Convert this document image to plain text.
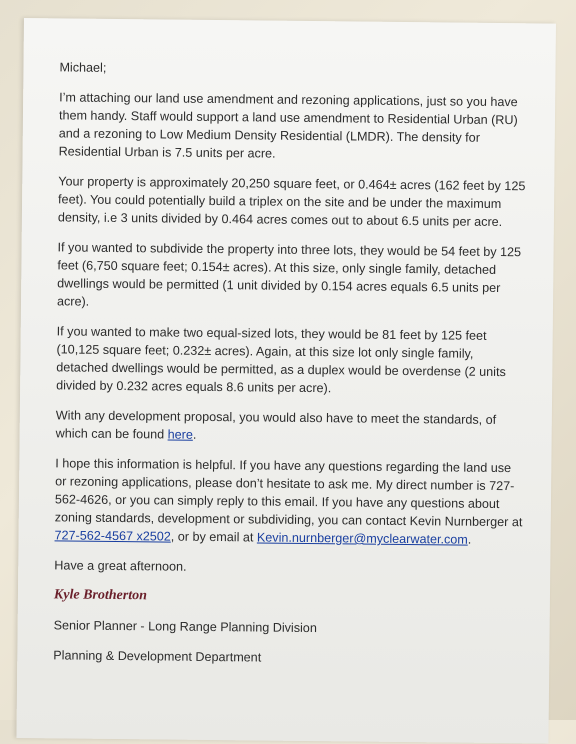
Michael;

I’m attaching our land use amendment and rezoning applications, just so you have them handy. Staff would support a land use amendment to Residential Urban (RU) and a rezoning to Low Medium Density Residential (LMDR). The density for Residential Urban is 7.5 units per acre.

Your property is approximately 20,250 square feet, or 0.464± acres (162 feet by 125 feet). You could potentially build a triplex on the site and be under the maximum density, i.e 3 units divided by 0.464 acres comes out to about 6.5 units per acre.

If you wanted to subdivide the property into three lots, they would be 54 feet by 125 feet (6,750 square feet; 0.154± acres). At this size, only single family, detached dwellings would be permitted (1 unit divided by 0.154 acres equals 6.5 units per acre).

If you wanted to make two equal-sized lots, they would be 81 feet by 125 feet (10,125 square feet; 0.232± acres). Again, at this size lot only single family, detached dwellings would be permitted, as a duplex would be overdense (2 units divided by 0.232 acres equals 8.6 units per acre).

With any development proposal, you would also have to meet the standards, of which can be found here.

I hope this information is helpful. If you have any questions regarding the land use or rezoning applications, please don’t hesitate to ask me. My direct number is 727-562-4626, or you can simply reply to this email. If you have any questions about zoning standards, development or subdividing, you can contact Kevin Nurnberger at 727-562-4567 x2502, or by email at Kevin.nurnberger@myclearwater.com.

Have a great afternoon.

Kyle Brotherton

Senior Planner - Long Range Planning Division

Planning & Development Department
